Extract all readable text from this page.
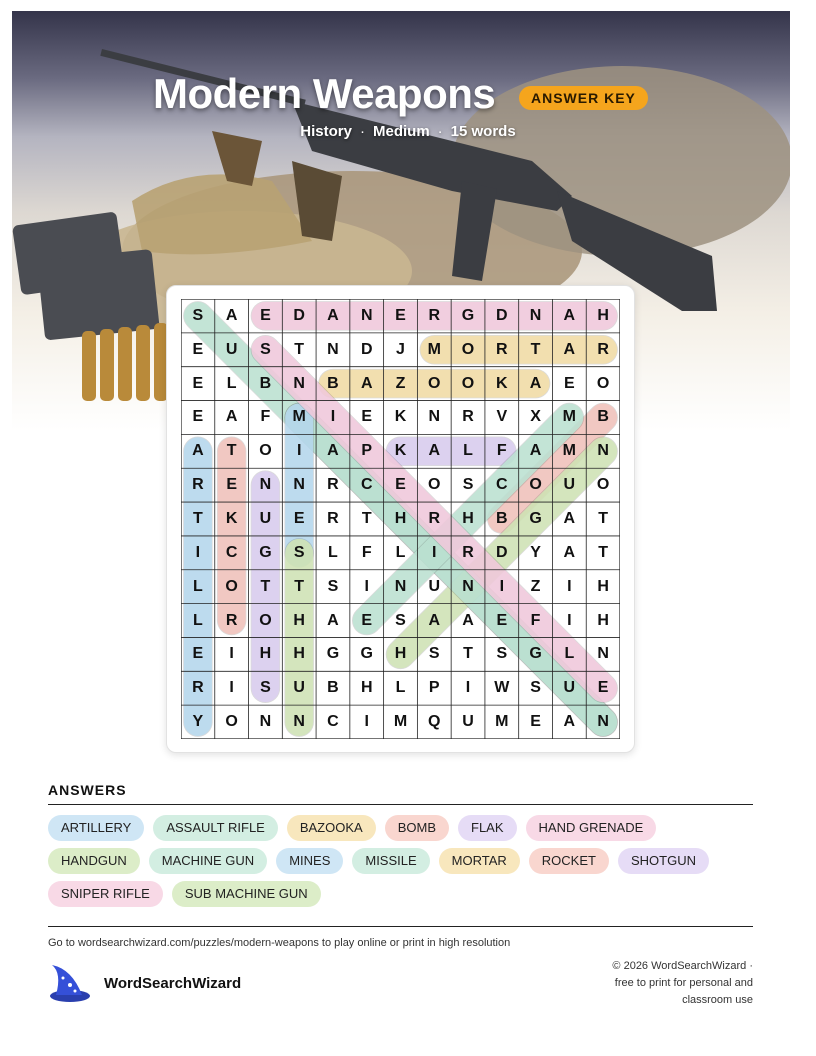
Modern Weapons	ANSWER KEY
History · Medium · 15 words
S	A	E	D	A	N	E	R	G	D	N	A	H
E	U	S	T	N	D	J	M	O	R	T	A	R
E	L	B	N	B	A	Z	O	O	K	A	E	O
E	A	F	M	I	E	K	N	R	V	X	M	B
A	T	O	I	A	P	K	A	L	F	A	M	N
R	E	N	N	R	C	E	O	S	C	O	U	O
T	K	U	E	R	T	H	R	H	B	G	A	T
I	C	G	S	L	F	L	I	R	D	Y	A	T
L	O	T	T	S	I	N	U	N	I	Z	I	H
L	R	O	H	A	E	S	A	A	E	F	I	H
E	I	H	H	G	G	H	S	T	S	G	L	N
R	I	S	U	B	H	L	P	I	W	S	U	E
Y	O	N	N	C	I	M	Q	U	M	E	A	N
ANSWERS
ARTILLERY	ASSAULT RIFLE	BAZOOKA	BOMB	FLAK	HAND GRENADE
HANDGUN	MACHINE GUN	MINES	MISSILE	MORTAR	ROCKET	SHOTGUN
SNIPER RIFLE	SUB MACHINE GUN
Go to wordsearchwizard.com/puzzles/modern-weapons to play online or print in high resolution
WordSearchWizard
© 2026 WordSearchWizard ·
free to print for personal and
classroom use
